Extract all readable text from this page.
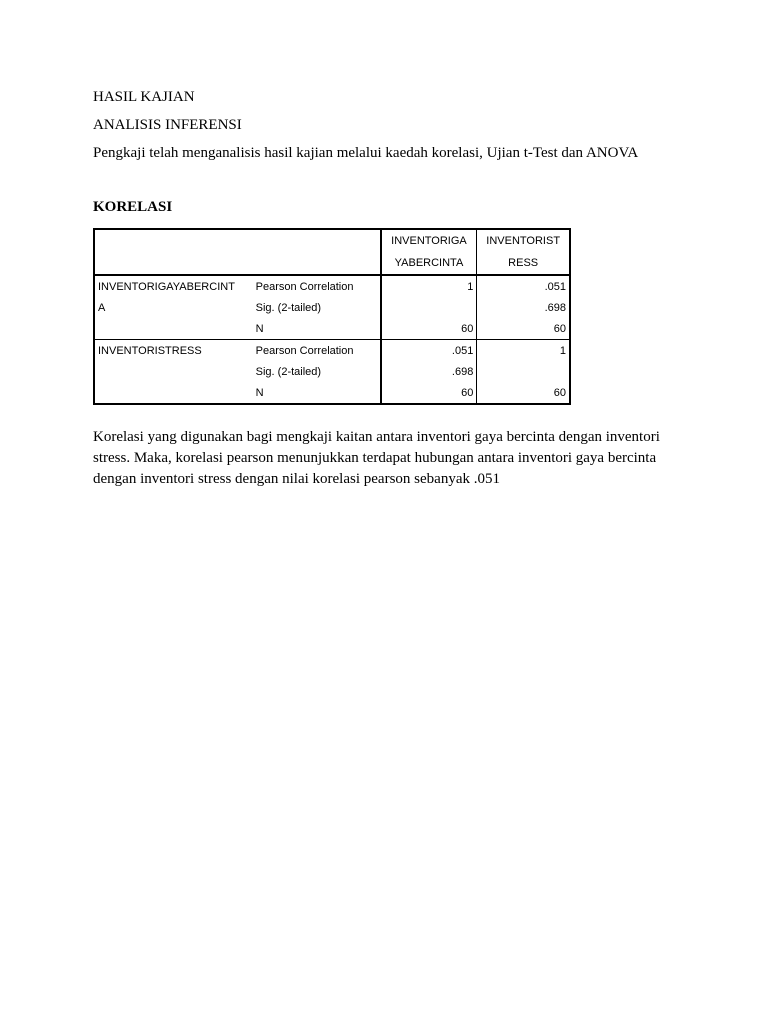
HASIL KAJIAN
ANALISIS INFERENSI
Pengkaji telah menganalisis hasil kajian melalui kaedah korelasi, Ujian t-Test dan ANOVA
KORELASI
		INVENTORIGA	INVENTORIST
		YABERCINTA	RESS
INVENTORIGAYABERCINT	Pearson Correlation	1	.051
A	Sig. (2-tailed)		.698
	N	60	60
INVENTORISTRESS	Pearson Correlation	.051	1
	Sig. (2-tailed)	.698	
	N	60	60
Korelasi yang digunakan bagi mengkaji kaitan antara inventori gaya bercinta dengan inventori
stress. Maka, korelasi pearson menunjukkan terdapat hubungan antara inventori gaya bercinta
dengan inventori stress dengan nilai korelasi pearson sebanyak .051
